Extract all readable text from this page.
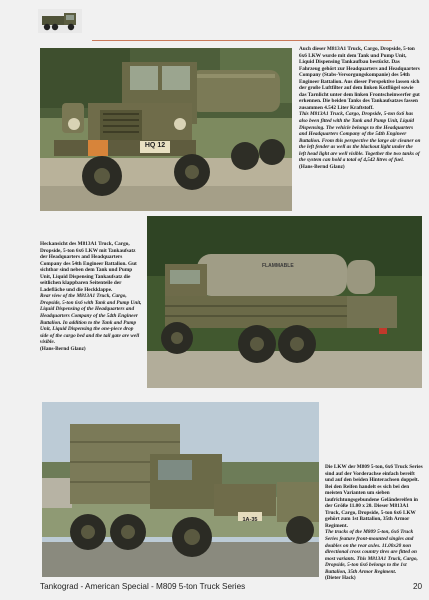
HQ 12
Auch dieser M813A1 Truck, Cargo, Dropside, 5-ton 6x6 LKW wurde mit dem Tank und Pump Unit, Liquid Dispensing Tankaufbau bestückt. Das Fahrzeug gehört zur Headquarters and Headquarters Company (Stabs-Versorgungskompanie) des 54th Engineer Battalion. Aus dieser Perspektive lassen sich der große Luftfilter auf dem linken Kotflügel sowie das Tarnlicht unter dem linken Frontscheinwerfer gut erkennen. Die beiden Tanks des Tankaufsatzes fassen zusammen 4.542 Liter Kraftstoff.
This M813A1 Truck, Cargo, Dropside, 5-ton 6x6 has also been fitted with the Tank and Pump Unit, Liquid Dispensing. The vehicle belongs to the Headquarters and Headquarters Company of the 54th Engineer Battalion. From this perspective the large air cleaner on the left fender as well as the blackout light under the left head light are well visible. Together the two tanks of the system can hold a total of 4,542 litres of fuel.
(Hans-Bernd Glanz)
Heckansicht des M813A1 Truck, Cargo, Dropside, 5-ton 6x6 LKW mit Tankaufsatz der Headquarters and Headquarters Company des 54th Engineer Battalion. Gut sichtbar sind neben dem Tank und Pump Unit, Liquid Dispensing Tankaufsatz die seitlichen klappbaren Seitenteile der Ladefläche und die Heckklappe.
Rear view of the M813A1 Truck, Cargo, Dropside, 5-ton 6x6 with Tank and Pump Unit, Liquid Dispensing of the Headquarters and Headquarters Company of the 54th Engineer Battalion. In addition to the Tank and Pump Unit, Liquid Dispensing the one-piece drop side of the cargo bed and the tail gate are well visible.
(Hans-Bernd Glanz)
FLAMMABLE
1A-35
Die LKW der M809 5-ton, 6x6 Truck Series sind auf der Vorderachse einfach bereift und auf den beiden Hinterachsen doppelt. Bei den Reifen handelt es sich bei den meisten Varianten um sieben laufrichtungsgebundene Geländereifen in der Größe 11.00 x 20. Dieser M813A1 Truck, Cargo, Dropside, 5-ton 6x6 LKW gehört zum 1st Battalion, 35th Armor Regiment.
The trucks of the M809 5-ton, 6x6 Truck Series feature front-mounted singles and doubles on the rear axles. 11.00x20 non directional cross country tires are fitted on most variants. This M813A1 Truck, Cargo, Dropside, 5-ton 6x6 belongs to the 1st Battalion, 35th Armor Regiment.
(Dieter Hack)
Tankograd - American Special - M809 5-ton Truck Series	20
